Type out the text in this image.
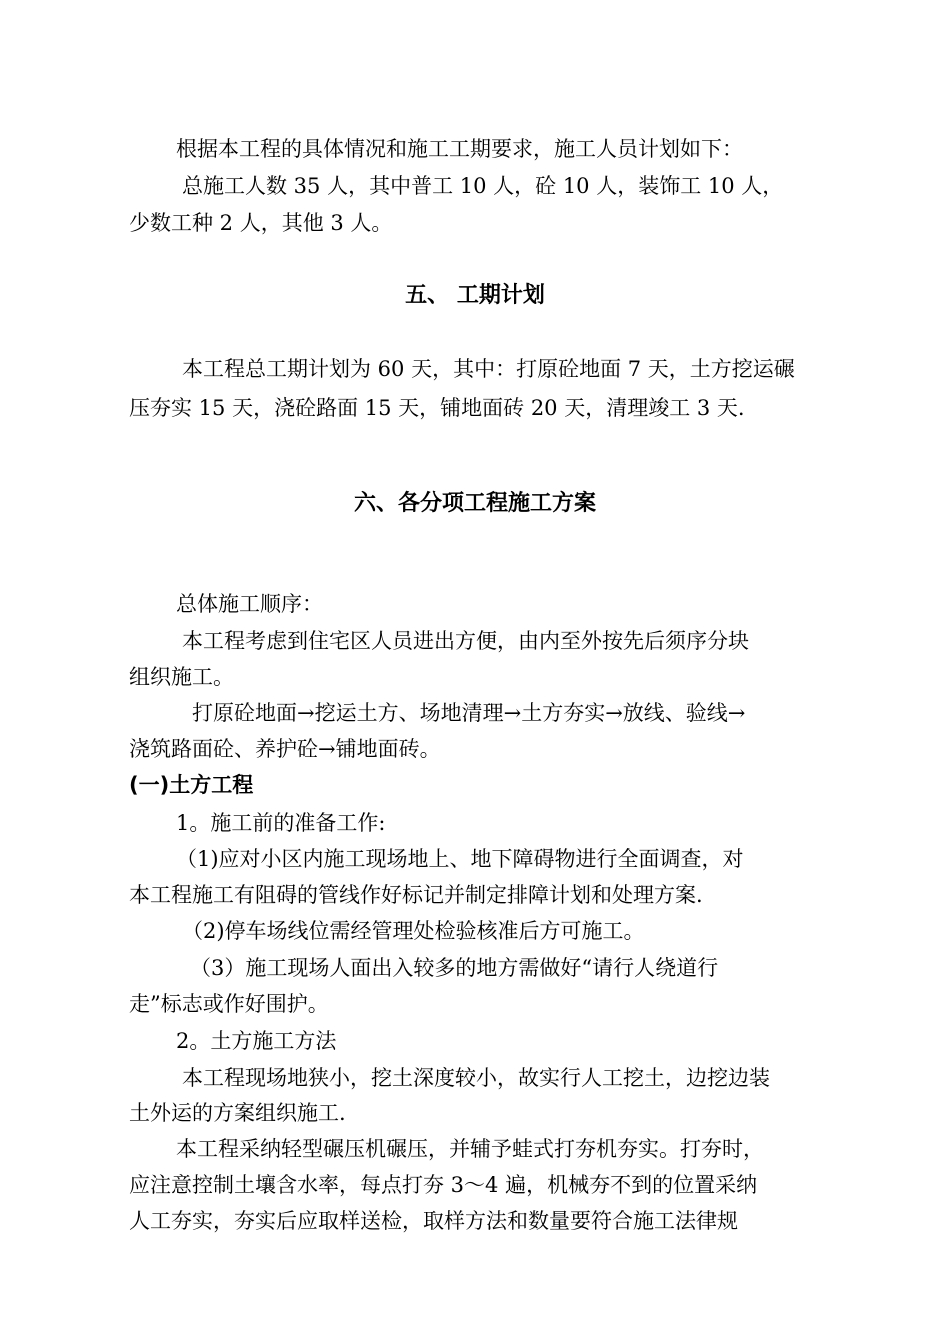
根据本工程的具体情况和施工工期要求，施工人员计划如下：
总施工人数 35 人，其中普工 10 人，砼 10 人，装饰工 10 人，
少数工种 2 人，其他 3 人。
五、 工期计划
本工程总工期计划为 60 天，其中：打原砼地面 7 天，土方挖运碾
压夯实 15 天，浇砼路面 15 天，铺地面砖 20 天，清理竣工 3 天.
六、各分项工程施工方案
总体施工顺序：
本工程考虑到住宅区人员进出方便，由内至外按先后须序分块
组织施工。
打原砼地面→挖运土方、场地清理→土方夯实→放线、验线→
浇筑路面砼、养护砼→铺地面砖。
(一)土方工程
1。施工前的准备工作:
（1)应对小区内施工现场地上、地下障碍物进行全面调查，对
本工程施工有阻碍的管线作好标记并制定排障计划和处理方案.
（2)停车场线位需经管理处检验核准后方可施工。
（3）施工现场人面出入较多的地方需做好“请行人绕道行
走”标志或作好围护。
2。土方施工方法
本工程现场地狭小，挖土深度较小，故实行人工挖土，边挖边装
土外运的方案组织施工.
本工程采纳轻型碾压机碾压，并辅予蛙式打夯机夯实。打夯时，
应注意控制土壤含水率，每点打夯 3～4 遍，机械夯不到的位置采纳
人工夯实，夯实后应取样送检，取样方法和数量要符合施工法律规
